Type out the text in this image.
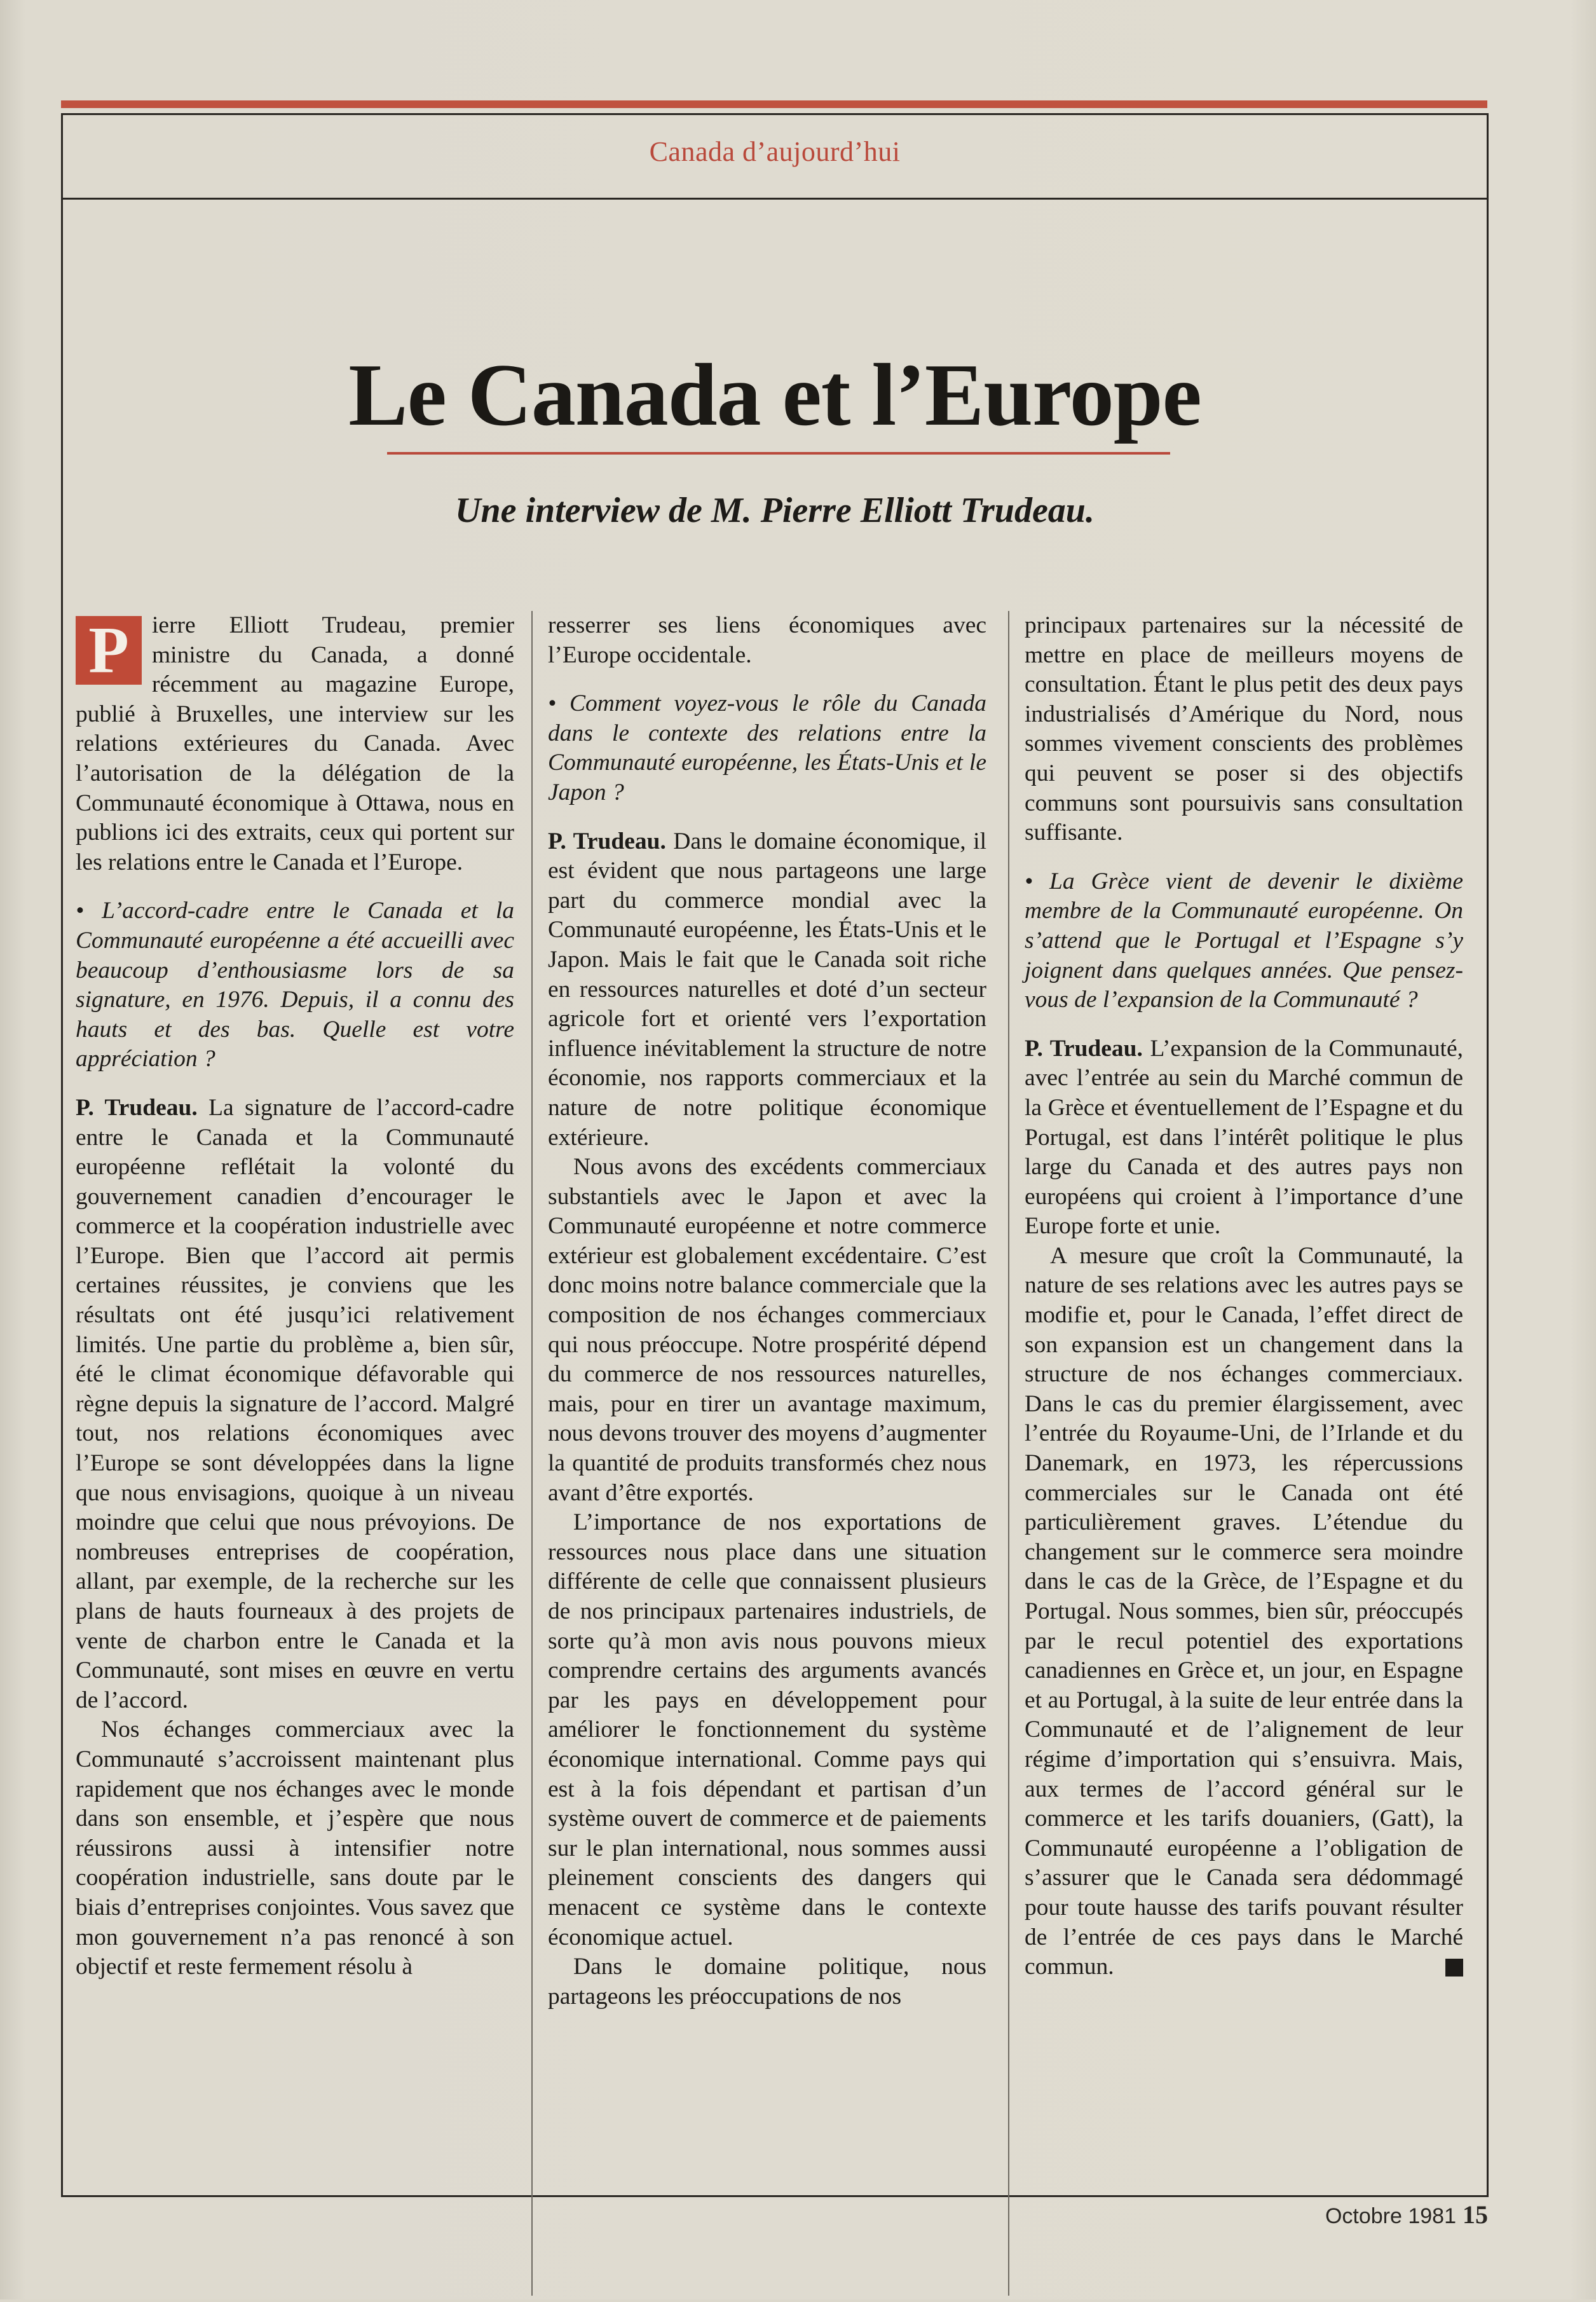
Canada d’aujourd’hui
Le Canada et l’Europe
Une interview de M. Pierre Elliott Trudeau.

P ierre Elliott Trudeau, premier ministre du Canada, a donné récemment au magazine Europe, publié à Bruxelles, une interview sur les relations extérieures du Canada. Avec l’autorisation de la délégation de la Communauté économique à Ottawa, nous en publions ici des extraits, ceux qui portent sur les relations entre le Canada et l’Europe.

• L’accord-cadre entre le Canada et la Communauté européenne a été accueilli avec beaucoup d’enthousiasme lors de sa signature, en 1976. Depuis, il a connu des hauts et des bas. Quelle est votre appréciation ?

P. Trudeau. La signature de l’accord-cadre entre le Canada et la Communauté européenne reflétait la volonté du gouvernement canadien d’encourager le commerce et la coopération industrielle avec l’Europe. Bien que l’accord ait permis certaines réussites, je conviens que les résultats ont été jusqu’ici relativement limités. Une partie du problème a, bien sûr, été le climat économique défavorable qui règne depuis la signature de l’accord. Malgré tout, nos relations économiques avec l’Europe se sont développées dans la ligne que nous envisagions, quoique à un niveau moindre que celui que nous prévoyions. De nombreuses entreprises de coopération, allant, par exemple, de la recherche sur les plans de hauts fourneaux à des projets de vente de charbon entre le Canada et la Communauté, sont mises en œuvre en vertu de l’accord.

Nos échanges commerciaux avec la Communauté s’accroissent maintenant plus rapidement que nos échanges avec le monde dans son ensemble, et j’espère que nous réussirons aussi à intensifier notre coopération industrielle, sans doute par le biais d’entreprises conjointes. Vous savez que mon gouvernement n’a pas renoncé à son objectif et reste fermement résolu à

resserrer ses liens économiques avec l’Europe occidentale.

• Comment voyez-vous le rôle du Canada dans le contexte des relations entre la Communauté européenne, les États-Unis et le Japon ?

P. Trudeau. Dans le domaine économique, il est évident que nous partageons une large part du commerce mondial avec la Communauté européenne, les États-Unis et le Japon. Mais le fait que le Canada soit riche en ressources naturelles et doté d’un secteur agricole fort et orienté vers l’exportation influence inévitablement la structure de notre économie, nos rapports commerciaux et la nature de notre politique économique extérieure.

Nous avons des excédents commerciaux substantiels avec le Japon et avec la Communauté européenne et notre commerce extérieur est globalement excédentaire. C’est donc moins notre balance commerciale que la composition de nos échanges commerciaux qui nous préoccupe. Notre prospérité dépend du commerce de nos ressources naturelles, mais, pour en tirer un avantage maximum, nous devons trouver des moyens d’augmenter la quantité de produits transformés chez nous avant d’être exportés.

L’importance de nos exportations de ressources nous place dans une situation différente de celle que connaissent plusieurs de nos principaux partenaires industriels, de sorte qu’à mon avis nous pouvons mieux comprendre certains des arguments avancés par les pays en développement pour améliorer le fonctionnement du système économique international. Comme pays qui est à la fois dépendant et partisan d’un système ouvert de commerce et de paiements sur le plan international, nous sommes aussi pleinement conscients des dangers qui menacent ce système dans le contexte économique actuel.

Dans le domaine politique, nous partageons les préoccupations de nos

principaux partenaires sur la nécessité de mettre en place de meilleurs moyens de consultation. Étant le plus petit des deux pays industrialisés d’Amérique du Nord, nous sommes vivement conscients des problèmes qui peuvent se poser si des objectifs communs sont poursuivis sans consultation suffisante.

• La Grèce vient de devenir le dixième membre de la Communauté européenne. On s’attend que le Portugal et l’Espagne s’y joignent dans quelques années. Que pensez-vous de l’expansion de la Communauté ?

P. Trudeau. L’expansion de la Communauté, avec l’entrée au sein du Marché commun de la Grèce et éventuellement de l’Espagne et du Portugal, est dans l’intérêt politique le plus large du Canada et des autres pays non européens qui croient à l’importance d’une Europe forte et unie.

A mesure que croît la Communauté, la nature de ses relations avec les autres pays se modifie et, pour le Canada, l’effet direct de son expansion est un changement dans la structure de nos échanges commerciaux. Dans le cas du premier élargissement, avec l’entrée du Royaume-Uni, de l’Irlande et du Danemark, en 1973, les répercussions commerciales sur le Canada ont été particulièrement graves. L’étendue du changement sur le commerce sera moindre dans le cas de la Grèce, de l’Espagne et du Portugal. Nous sommes, bien sûr, préoccupés par le recul potentiel des exportations canadiennes en Grèce et, un jour, en Espagne et au Portugal, à la suite de leur entrée dans la Communauté et de l’alignement de leur régime d’importation qui s’ensuivra. Mais, aux termes de l’accord général sur le commerce et les tarifs douaniers, (Gatt), la Communauté européenne a l’obligation de s’assurer que le Canada sera dédommagé pour toute hausse des tarifs pouvant résulter de l’entrée de ces pays dans le Marché commun.

Octobre 1981 15
